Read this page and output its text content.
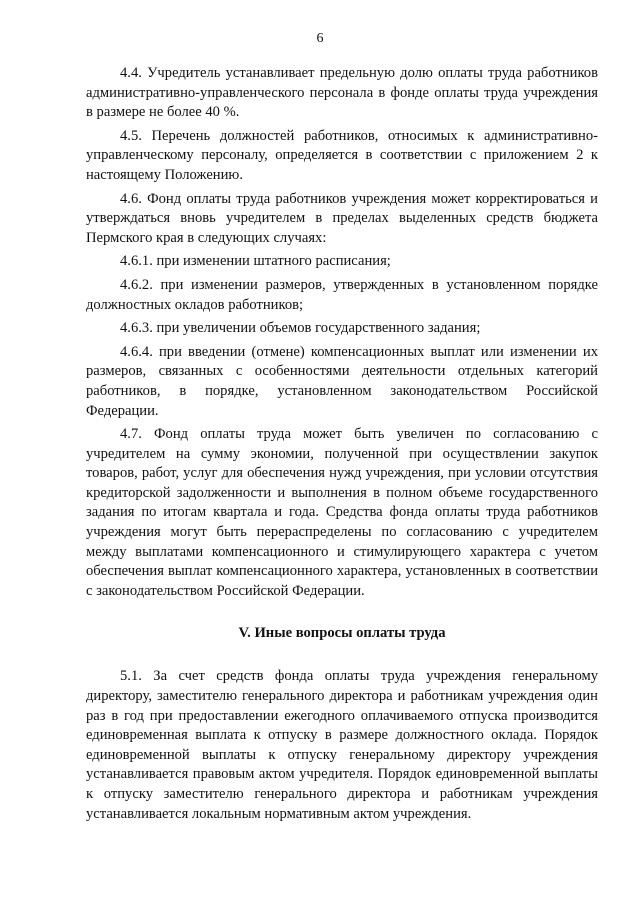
6

4.4. Учредитель устанавливает предельную долю оплаты труда работников административно-управленческого персонала в фонде оплаты труда учреждения в размере не более 40 %.

4.5. Перечень должностей работников, относимых к административно-управленческому персоналу, определяется в соответствии с приложением 2 к настоящему Положению.

4.6. Фонд оплаты труда работников учреждения может корректироваться и утверждаться вновь учредителем в пределах выделенных средств бюджета Пермского края в следующих случаях:

4.6.1. при изменении штатного расписания;

4.6.2. при изменении размеров, утвержденных в установленном порядке должностных окладов работников;

4.6.3. при увеличении объемов государственного задания;

4.6.4. при введении (отмене) компенсационных выплат или изменении их размеров, связанных с особенностями деятельности отдельных категорий работников, в порядке, установленном законодательством Российской Федерации.

4.7. Фонд оплаты труда может быть увеличен по согласованию с учредителем на сумму экономии, полученной при осуществлении закупок товаров, работ, услуг для обеспечения нужд учреждения, при условии отсутствия кредиторской задолженности и выполнения в полном объеме государственного задания по итогам квартала и года. Средства фонда оплаты труда работников учреждения могут быть перераспределены по согласованию с учредителем между выплатами компенсационного и стимулирующего характера с учетом обеспечения выплат компенсационного характера, установленных в соответствии с законодательством Российской Федерации.

V. Иные вопросы оплаты труда

5.1. За счет средств фонда оплаты труда учреждения генеральному директору, заместителю генерального директора и работникам учреждения один раз в год при предоставлении ежегодного оплачиваемого отпуска производится единовременная выплата к отпуску в размере должностного оклада. Порядок единовременной выплаты к отпуску генеральному директору учреждения устанавливается правовым актом учредителя. Порядок единовременной выплаты к отпуску заместителю генерального директора и работникам учреждения устанавливается локальным нормативным актом учреждения.
